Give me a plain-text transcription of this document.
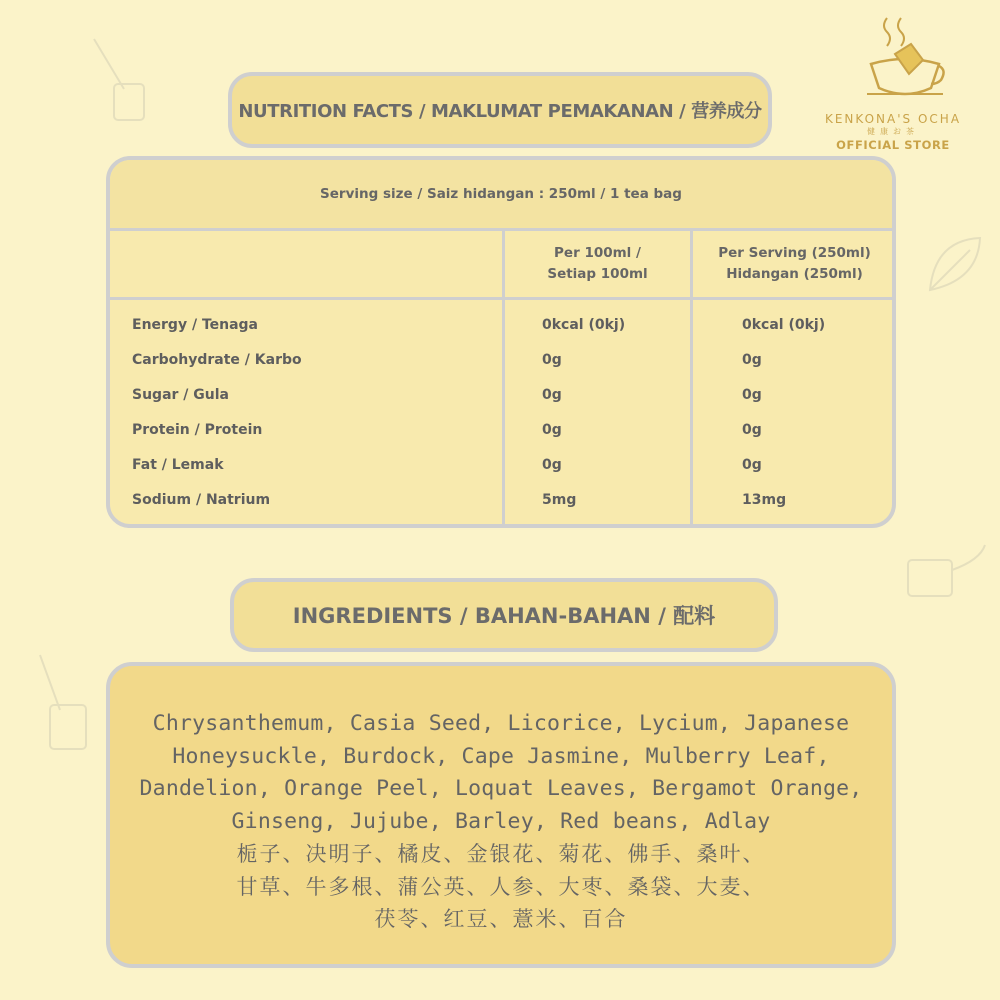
KENKONA'S OCHA
健康お茶
OFFICIAL STORE
NUTRITION FACTS / MAKLUMAT PEMAKANAN / 营养成分
Serving size / Saiz hidangan : 250ml / 1 tea bag
Per 100ml /
Setiap 100ml
Per Serving (250ml)
Hidangan (250ml)
Energy / Tenaga	0kcal (0kj)	0kcal (0kj)
Carbohydrate / Karbo	0g	0g
Sugar / Gula	0g	0g
Protein / Protein	0g	0g
Fat / Lemak	0g	0g
Sodium / Natrium	5mg	13mg
INGREDIENTS / BAHAN-BAHAN / 配料
Chrysanthemum, Casia Seed, Licorice, Lycium, Japanese
Honeysuckle, Burdock, Cape Jasmine, Mulberry Leaf,
Dandelion, Orange Peel, Loquat Leaves, Bergamot Orange,
Ginseng, Jujube, Barley, Red beans, Adlay
栀子、决明子、橘皮、金银花、菊花、佛手、桑叶、
甘草、牛多根、蒲公英、人参、大枣、桑袋、大麦、
茯苓、红豆、薏米、百合
